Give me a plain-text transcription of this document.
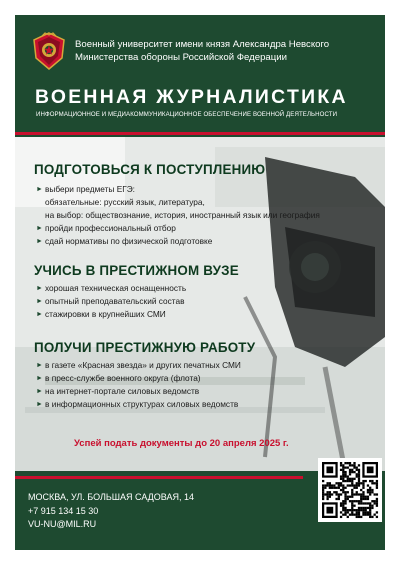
Военный университет имени князя Александра Невского
Министерства обороны Российской Федерации
ВОЕННАЯ ЖУРНАЛИСТИКА
ИНФОРМАЦИОННОЕ И МЕДИАКОММУНИКАЦИОННОЕ ОБЕСПЕЧЕНИЕ ВОЕННОЙ ДЕЯТЕЛЬНОСТИ
ПОДГОТОВЬСЯ К ПОСТУПЛЕНИЮ
► выбери предметы ЕГЭ:
обязательные: русский язык, литература,
на выбор: обществознание, история, иностранный язык или география
► пройди профессиональный отбор
► сдай нормативы по физической подготовке
УЧИСЬ В ПРЕСТИЖНОМ ВУЗЕ
► хорошая техническая оснащенность
► опытный преподавательский состав
► стажировки в крупнейших СМИ
ПОЛУЧИ ПРЕСТИЖНУЮ РАБОТУ
► в газете «Красная звезда» и других печатных СМИ
► в пресс-службе военного округа (флота)
► на интернет-портале силовых ведомств
► в информационных структурах силовых ведомств
Успей подать документы до 20 апреля 2025 г.
МОСКВА, УЛ. БОЛЬШАЯ САДОВАЯ, 14
+7 915 134 15 30
VU-NU@MIL.RU
